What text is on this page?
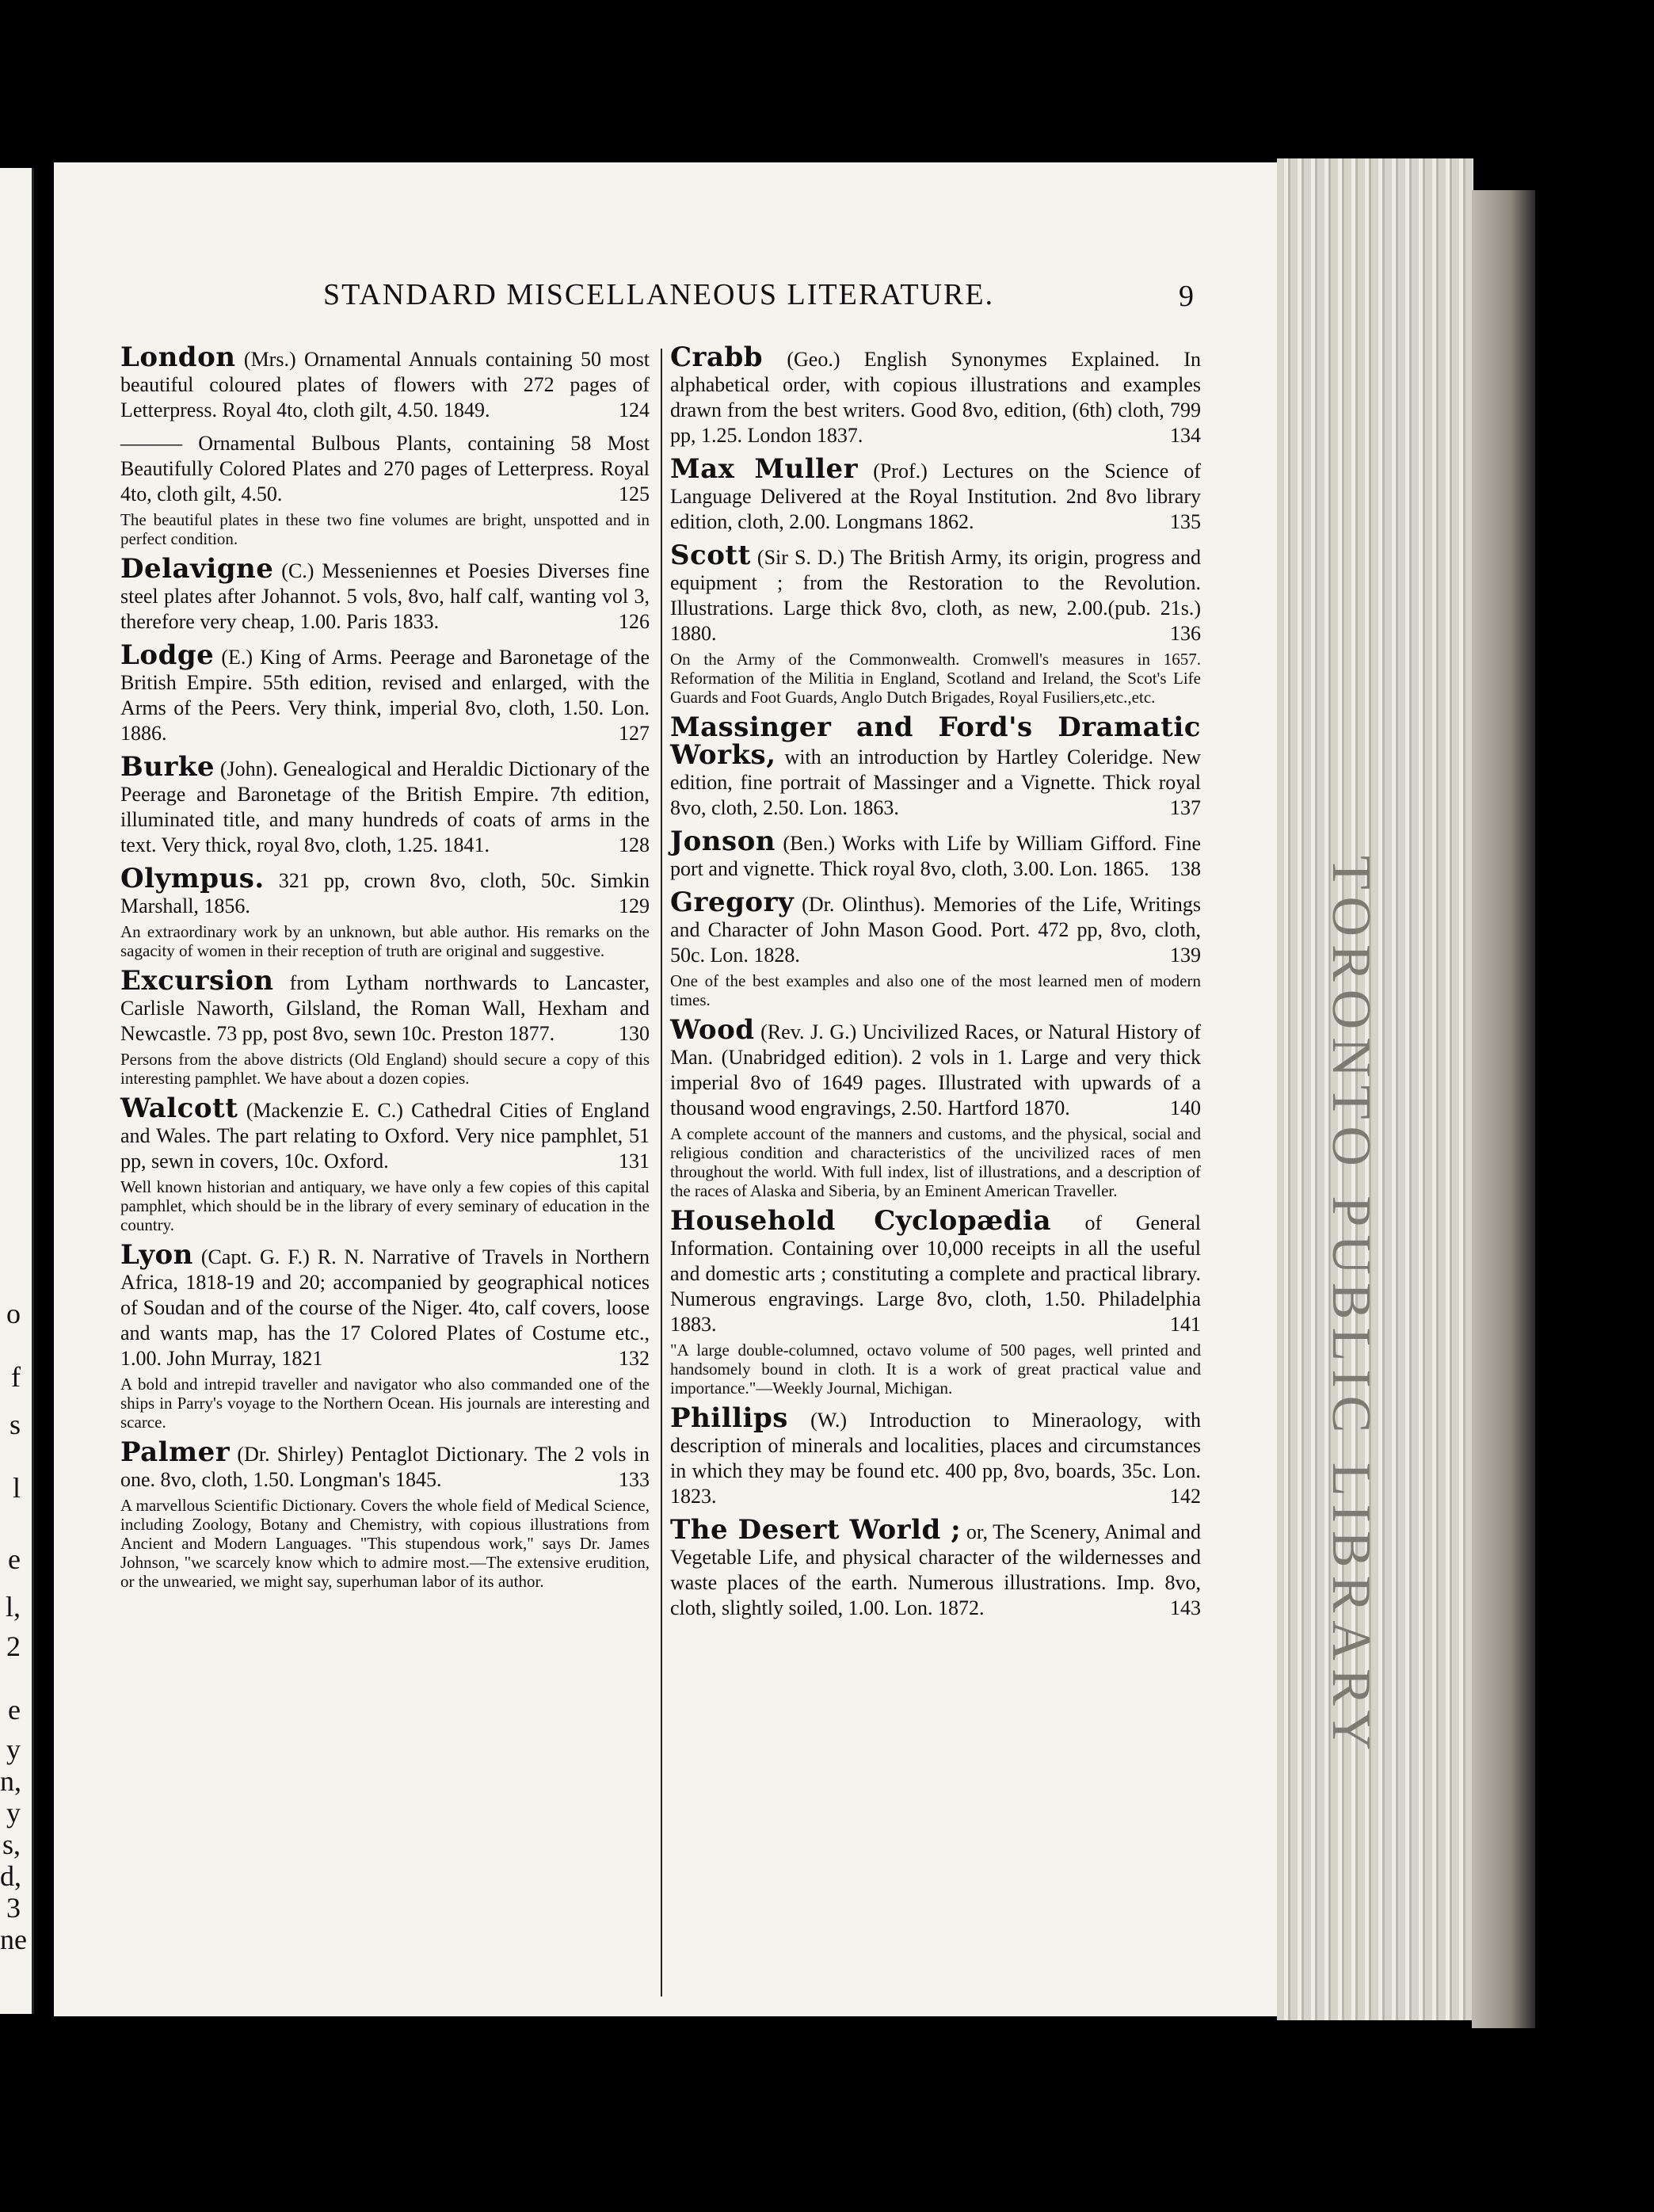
o
f
s
l
e
l,
2
e
y
n,
y
s,
d,
3
ne
TORONTO PUBLIC LIBRARY
STANDARD MISCELLANEOUS LITERATURE.	9
London (Mrs.) Ornamental Annuals containing 50 most beautiful coloured plates of flowers with 272 pages of Letterpress. Royal 4to, cloth gilt, 4.50. 1849.	124
——— Ornamental Bulbous Plants, containing 58 Most Beautifully Colored Plates and 270 pages of Letterpress. Royal 4to, cloth gilt, 4.50.	125
The beautiful plates in these two fine volumes are bright, unspotted and in perfect condition.
Delavigne (C.) Messeniennes et Poesies Diverses fine steel plates after Johannot. 5 vols, 8vo, half calf, wanting vol 3, therefore very cheap, 1.00. Paris 1833.	126
Lodge (E.) King of Arms. Peerage and Baronetage of the British Empire. 55th edition, revised and enlarged, with the Arms of the Peers. Very think, imperial 8vo, cloth, 1.50. Lon. 1886.	127
Burke (John). Genealogical and Heraldic Dictionary of the Peerage and Baronetage of the British Empire. 7th edition, illuminated title, and many hundreds of coats of arms in the text. Very thick, royal 8vo, cloth, 1.25. 1841.	128
Olympus. 321 pp, crown 8vo, cloth, 50c. Simkin Marshall, 1856.	129
An extraordinary work by an unknown, but able author. His remarks on the sagacity of women in their reception of truth are original and suggestive.
Excursion from Lytham northwards to Lancaster, Carlisle Naworth, Gilsland, the Roman Wall, Hexham and Newcastle. 73 pp, post 8vo, sewn 10c. Preston 1877.	130
Persons from the above districts (Old England) should secure a copy of this interesting pamphlet. We have about a dozen copies.
Walcott (Mackenzie E. C.) Cathedral Cities of England and Wales. The part relating to Oxford. Very nice pamphlet, 51 pp, sewn in covers, 10c. Oxford.	131
Well known historian and antiquary, we have only a few copies of this capital pamphlet, which should be in the library of every seminary of education in the country.
Lyon (Capt. G. F.) R. N. Narrative of Travels in Northern Africa, 1818-19 and 20; accompanied by geographical notices of Soudan and of the course of the Niger. 4to, calf covers, loose and wants map, has the 17 Colored Plates of Costume etc., 1.00. John Murray, 1821	132
A bold and intrepid traveller and navigator who also commanded one of the ships in Parry's voyage to the Northern Ocean. His journals are interesting and scarce.
Palmer (Dr. Shirley) Pentaglot Dictionary. The 2 vols in one. 8vo, cloth, 1.50. Longman's 1845.	133
A marvellous Scientific Dictionary. Covers the whole field of Medical Science, including Zoology, Botany and Chemistry, with copious illustrations from Ancient and Modern Languages. "This stupendous work," says Dr. James Johnson, "we scarcely know which to admire most.—The extensive erudition, or the unwearied, we might say, superhuman labor of its author.
Crabb (Geo.) English Synonymes Explained. In alphabetical order, with copious illustrations and examples drawn from the best writers. Good 8vo, edition, (6th) cloth, 799 pp, 1.25. London 1837.	134
Max Muller (Prof.) Lectures on the Science of Language Delivered at the Royal Institution. 2nd 8vo library edition, cloth, 2.00. Longmans 1862.	135
Scott (Sir S. D.) The British Army, its origin, progress and equipment ; from the Restoration to the Revolution. Illustrations. Large thick 8vo, cloth, as new, 2.00.(pub. 21s.) 1880.	136
On the Army of the Commonwealth. Cromwell's measures in 1657. Reformation of the Militia in England, Scotland and Ireland, the Scot's Life Guards and Foot Guards, Anglo Dutch Brigades, Royal Fusiliers,etc.,etc.
Massinger and Ford's Dramatic Works, with an introduction by Hartley Coleridge. New edition, fine portrait of Massinger and a Vignette. Thick royal 8vo, cloth, 2.50. Lon. 1863.	137
Jonson (Ben.) Works with Life by William Gifford. Fine port and vignette. Thick royal 8vo, cloth, 3.00. Lon. 1865. 138
Gregory (Dr. Olinthus). Memories of the Life, Writings and Character of John Mason Good. Port. 472 pp, 8vo, cloth, 50c. Lon. 1828.	139
One of the best examples and also one of the most learned men of modern times.
Wood (Rev. J. G.) Uncivilized Races, or Natural History of Man. (Unabridged edition). 2 vols in 1. Large and very thick imperial 8vo of 1649 pages. Illustrated with upwards of a thousand wood engravings, 2.50. Hartford 1870.	140
A complete account of the manners and customs, and the physical, social and religious condition and characteristics of the uncivilized races of men throughout the world. With full index, list of illustrations, and a description of the races of Alaska and Siberia, by an Eminent American Traveller.
Household Cyclopædia of General Information. Containing over 10,000 receipts in all the useful and domestic arts ; constituting a complete and practical library. Numerous engravings. Large 8vo, cloth, 1.50. Philadelphia 1883.	141
"A large double-columned, octavo volume of 500 pages, well printed and handsomely bound in cloth. It is a work of great practical value and importance."—Weekly Journal, Michigan.
Phillips (W.) Introduction to Mineraology, with description of minerals and localities, places and circumstances in which they may be found etc. 400 pp, 8vo, boards, 35c. Lon. 1823.	142
The Desert World ; or, The Scenery, Animal and Vegetable Life, and physical character of the wildernesses and waste places of the earth. Numerous illustrations. Imp. 8vo, cloth, slightly soiled, 1.00. Lon. 1872.	143
